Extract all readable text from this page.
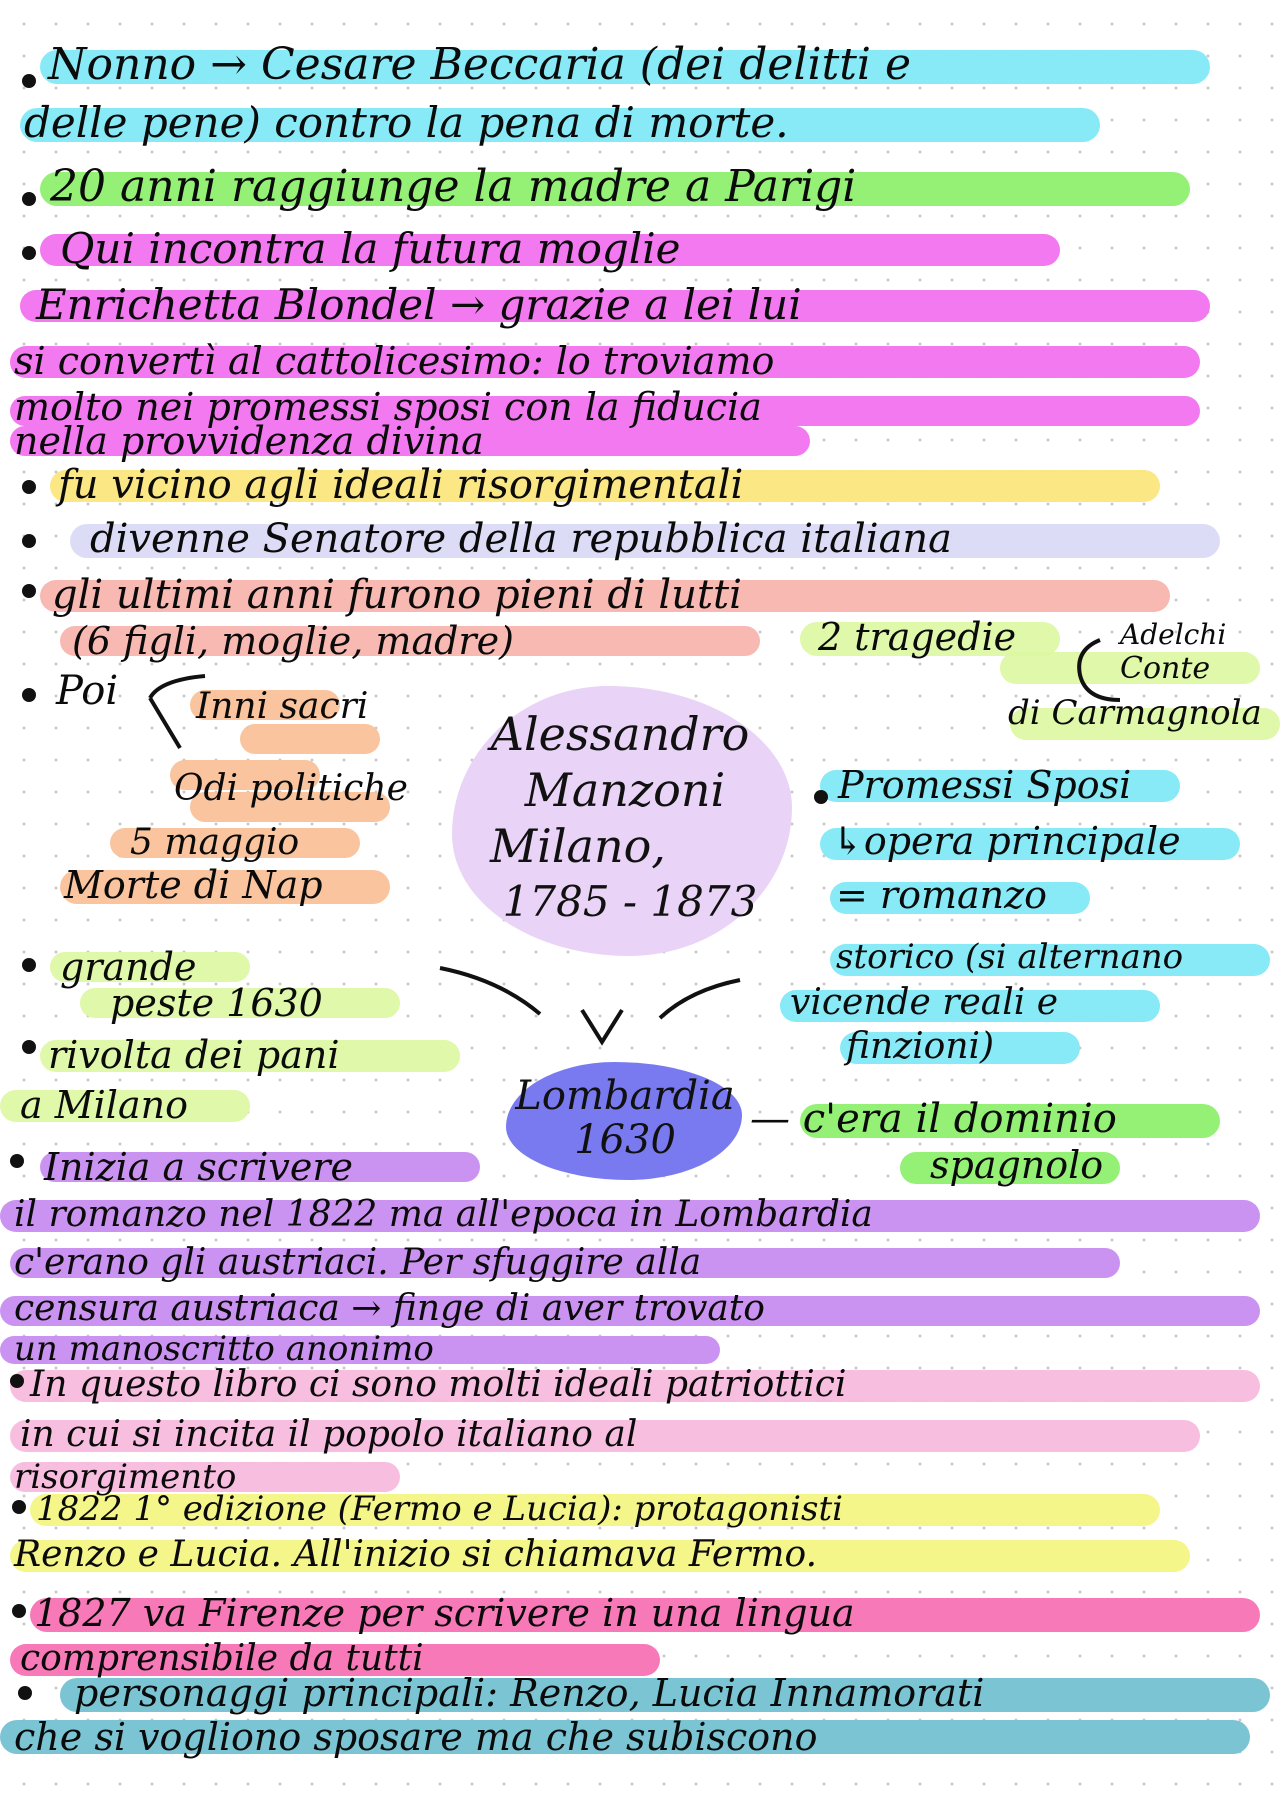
Nonno → Cesare Beccaria (dei delitti e
delle pene) contro la pena di morte.
20 anni raggiunge la madre a Parigi
Qui incontra la futura moglie
Enrichetta Blondel → grazie a lei lui
si convertì al cattolicesimo: lo troviamo
molto nei promessi sposi con la fiducia
nella provvidenza divina
fu vicino agli ideali risorgimentali
divenne Senatore della repubblica italiana
gli ultimi anni furono pieni di lutti
(6 figli, moglie, madre)	2 tragedie	Adelchi
Conte
di Carmagnola
Poi Inni sacri
Odi politiche
5 maggio
Morte di Nap
Alessandro
Manzoni
Milano,
1785 - 1873
Promessi Sposi
↳opera principale
= romanzo
storico (si alternano
vicende reali e
finzioni)
grande
peste 1630
rivolta dei pani
a Milano	Lombardia
1630	— c'era il dominio
spagnolo
Inizia a scrivere
il romanzo nel 1822 ma all'epoca in Lombardia
c'erano gli austriaci. Per sfuggire alla
censura austriaca → finge di aver trovato
un manoscritto anonimo
In questo libro ci sono molti ideali patriottici
in cui si incita il popolo italiano al
risorgimento
1822 1° edizione (Fermo e Lucia): protagonisti
Renzo e Lucia. All'inizio si chiamava Fermo.
1827 va Firenze per scrivere in una lingua
comprensibile da tutti
personaggi principali: Renzo, Lucia Innamorati
che si vogliono sposare ma che subiscono
